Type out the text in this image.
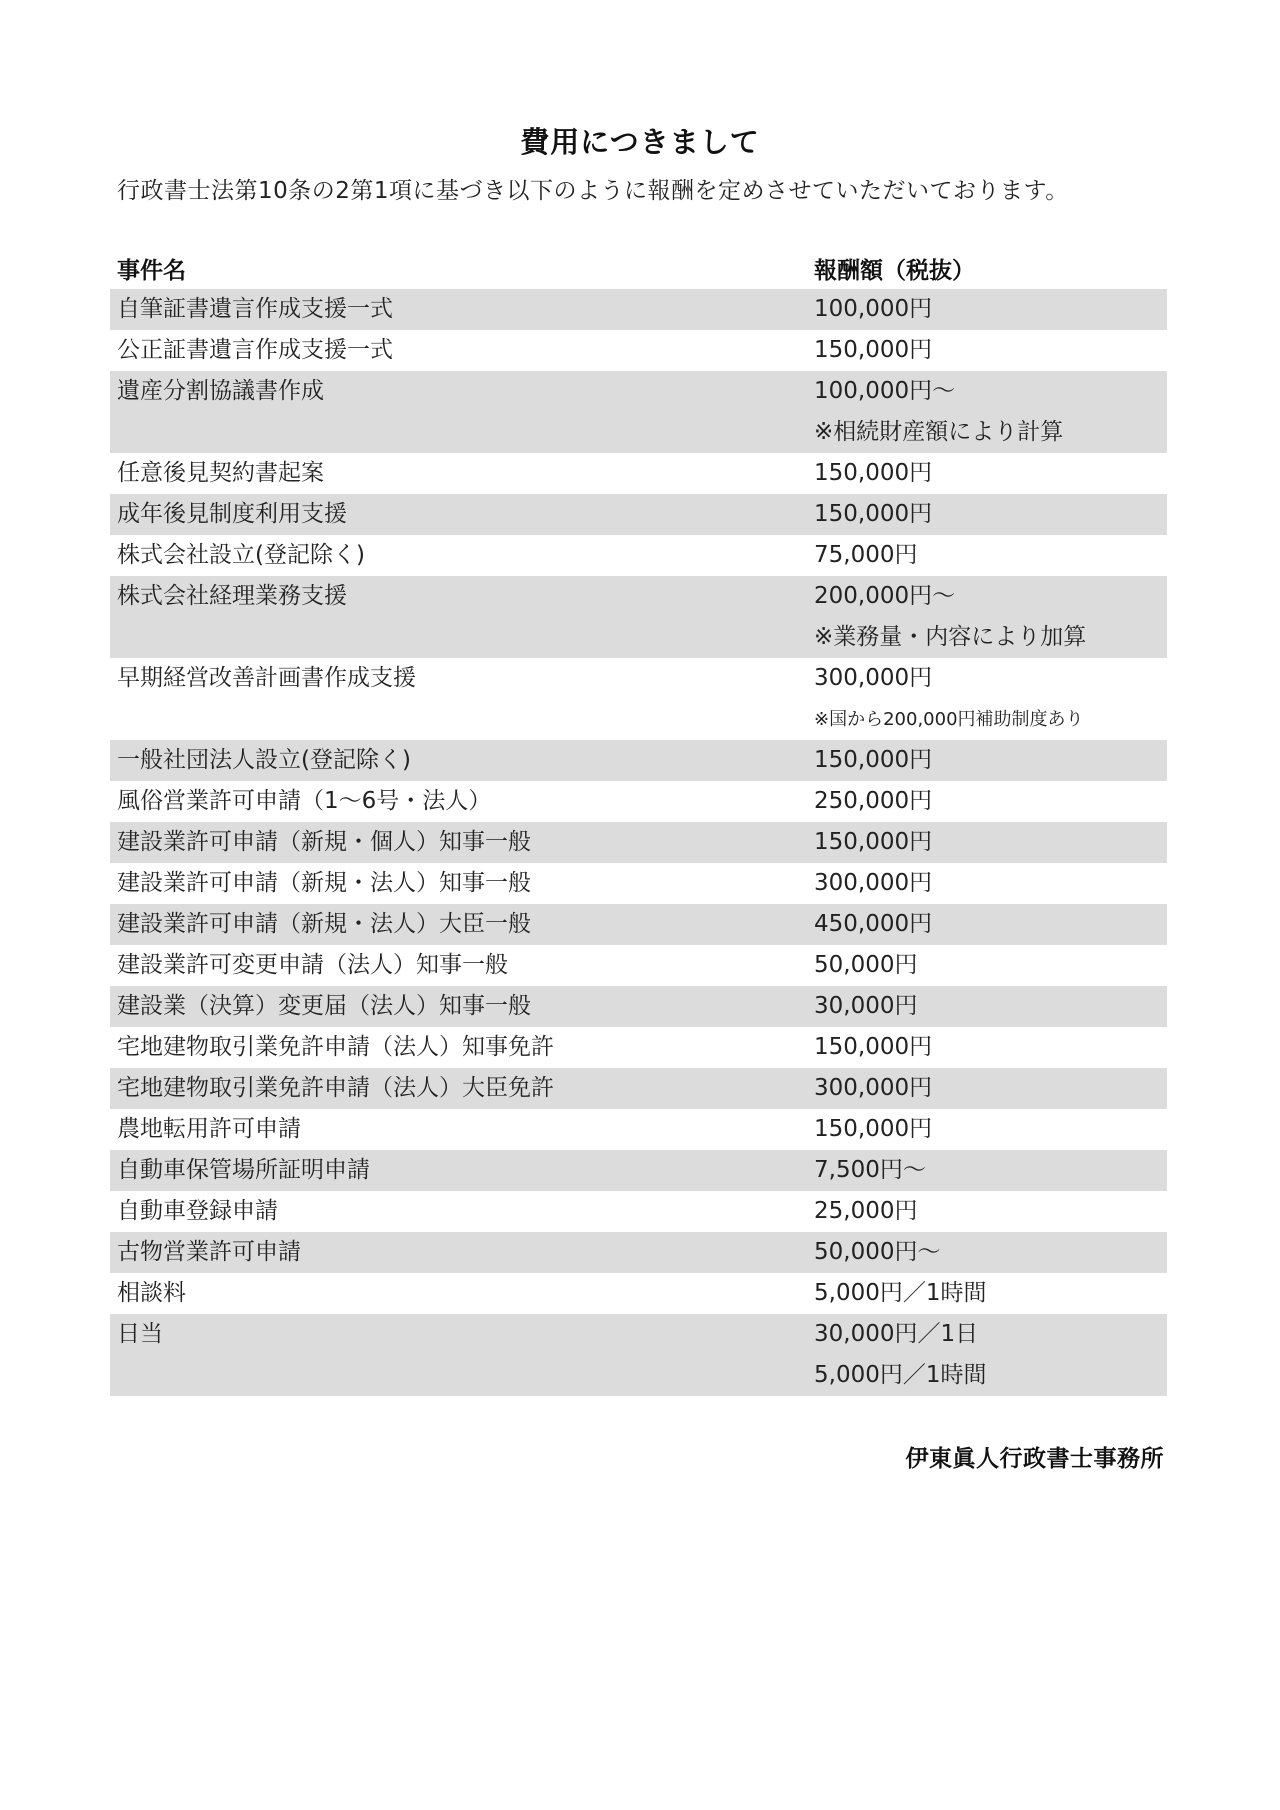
費用につきまして
行政書士法第10条の2第1項に基づき以下のように報酬を定めさせていただいております。
事件名	報酬額（税抜）
自筆証書遺言作成支援一式	100,000円
公正証書遺言作成支援一式	150,000円
遺産分割協議書作成	100,000円～
※相続財産額により計算
任意後見契約書起案	150,000円
成年後見制度利用支援	150,000円
株式会社設立(登記除く)	75,000円
株式会社経理業務支援	200,000円～
※業務量・内容により加算
早期経営改善計画書作成支援	300,000円
※国から200,000円補助制度あり
一般社団法人設立(登記除く)	150,000円
風俗営業許可申請（1～6号・法人）	250,000円
建設業許可申請（新規・個人）知事一般	150,000円
建設業許可申請（新規・法人）知事一般	300,000円
建設業許可申請（新規・法人）大臣一般	450,000円
建設業許可変更申請（法人）知事一般	50,000円
建設業（決算）変更届（法人）知事一般	30,000円
宅地建物取引業免許申請（法人）知事免許	150,000円
宅地建物取引業免許申請（法人）大臣免許	300,000円
農地転用許可申請	150,000円
自動車保管場所証明申請	7,500円～
自動車登録申請	25,000円
古物営業許可申請	50,000円～
相談料	5,000円／1時間
日当	30,000円／1日
5,000円／1時間
伊東眞人行政書士事務所
